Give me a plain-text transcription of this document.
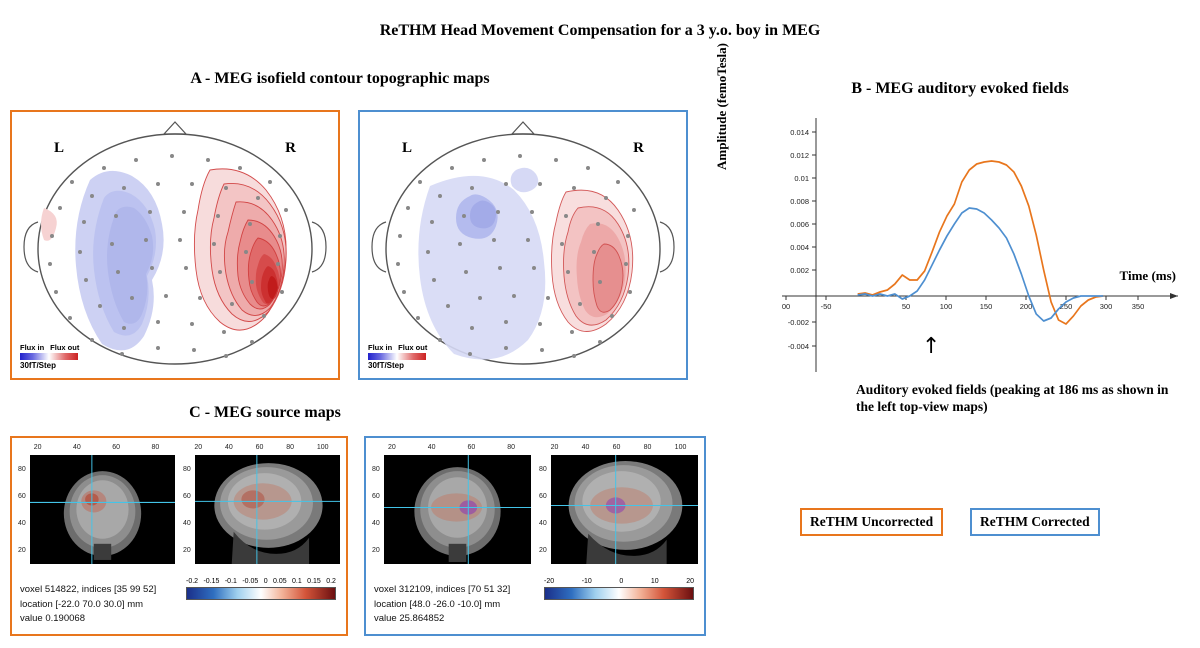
ReTHM Head Movement Compensation for a 3 y.o. boy in MEG
A - MEG isofield contour topographic maps
L	R
Flux in Flux out
30fT/Step
L	R
Flux in Flux out
30fT/Step
B - MEG auditory evoked fields
Amplitude (femoTesla)
Time (ms)
0.014
0.012
0.01
0.008
0.006
0.004
0.002
-0.002
-0.004
00	-50	50	100	150	200	250	300	350
↑
Auditory evoked fields (peaking at 186 ms as shown in the left top-view maps)
ReTHM Uncorrected	ReTHM Corrected
C - MEG source maps
20	40	60	80
80
60
40
20
20	40	60	80	100
80
60
40
20
-0.2 -0.15 -0.1 -0.05 0 0.05 0.1 0.15 0.2
voxel 514822, indices [35 99 52]
location [-22.0 70.0 30.0] mm
value 0.190068
20	40	60	80
80
60
40
20
20	40	60	80	100
80
60
40
20
-20	-10	0	10	20
voxel 312109, indices [70 51 32]
location [48.0 -26.0 -10.0] mm
value 25.864852
